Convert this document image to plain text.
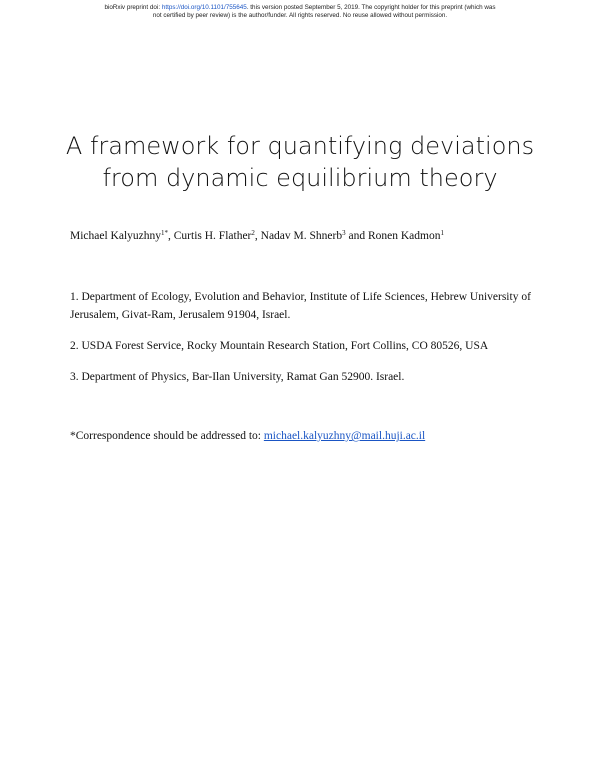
bioRxiv preprint doi: https://doi.org/10.1101/755645. this version posted September 5, 2019. The copyright holder for this preprint (which was
not certified by peer review) is the author/funder. All rights reserved. No reuse allowed without permission.
A framework for quantifying deviations
from dynamic equilibrium theory
Michael Kalyuzhny$^{1*}$, Curtis H. Flather$^2$, Nadav M. Shnerb$^3$ and Ronen Kadmon$^1$
1. Department of Ecology, Evolution and Behavior, Institute of Life Sciences, Hebrew University of Jerusalem, Givat-Ram, Jerusalem 91904, Israel.
2. USDA Forest Service, Rocky Mountain Research Station, Fort Collins, CO 80526, USA
3. Department of Physics, Bar-Ilan University, Ramat Gan 52900. Israel.
*Correspondence should be addressed to: michael.kalyuzhny@mail.huji.ac.il
